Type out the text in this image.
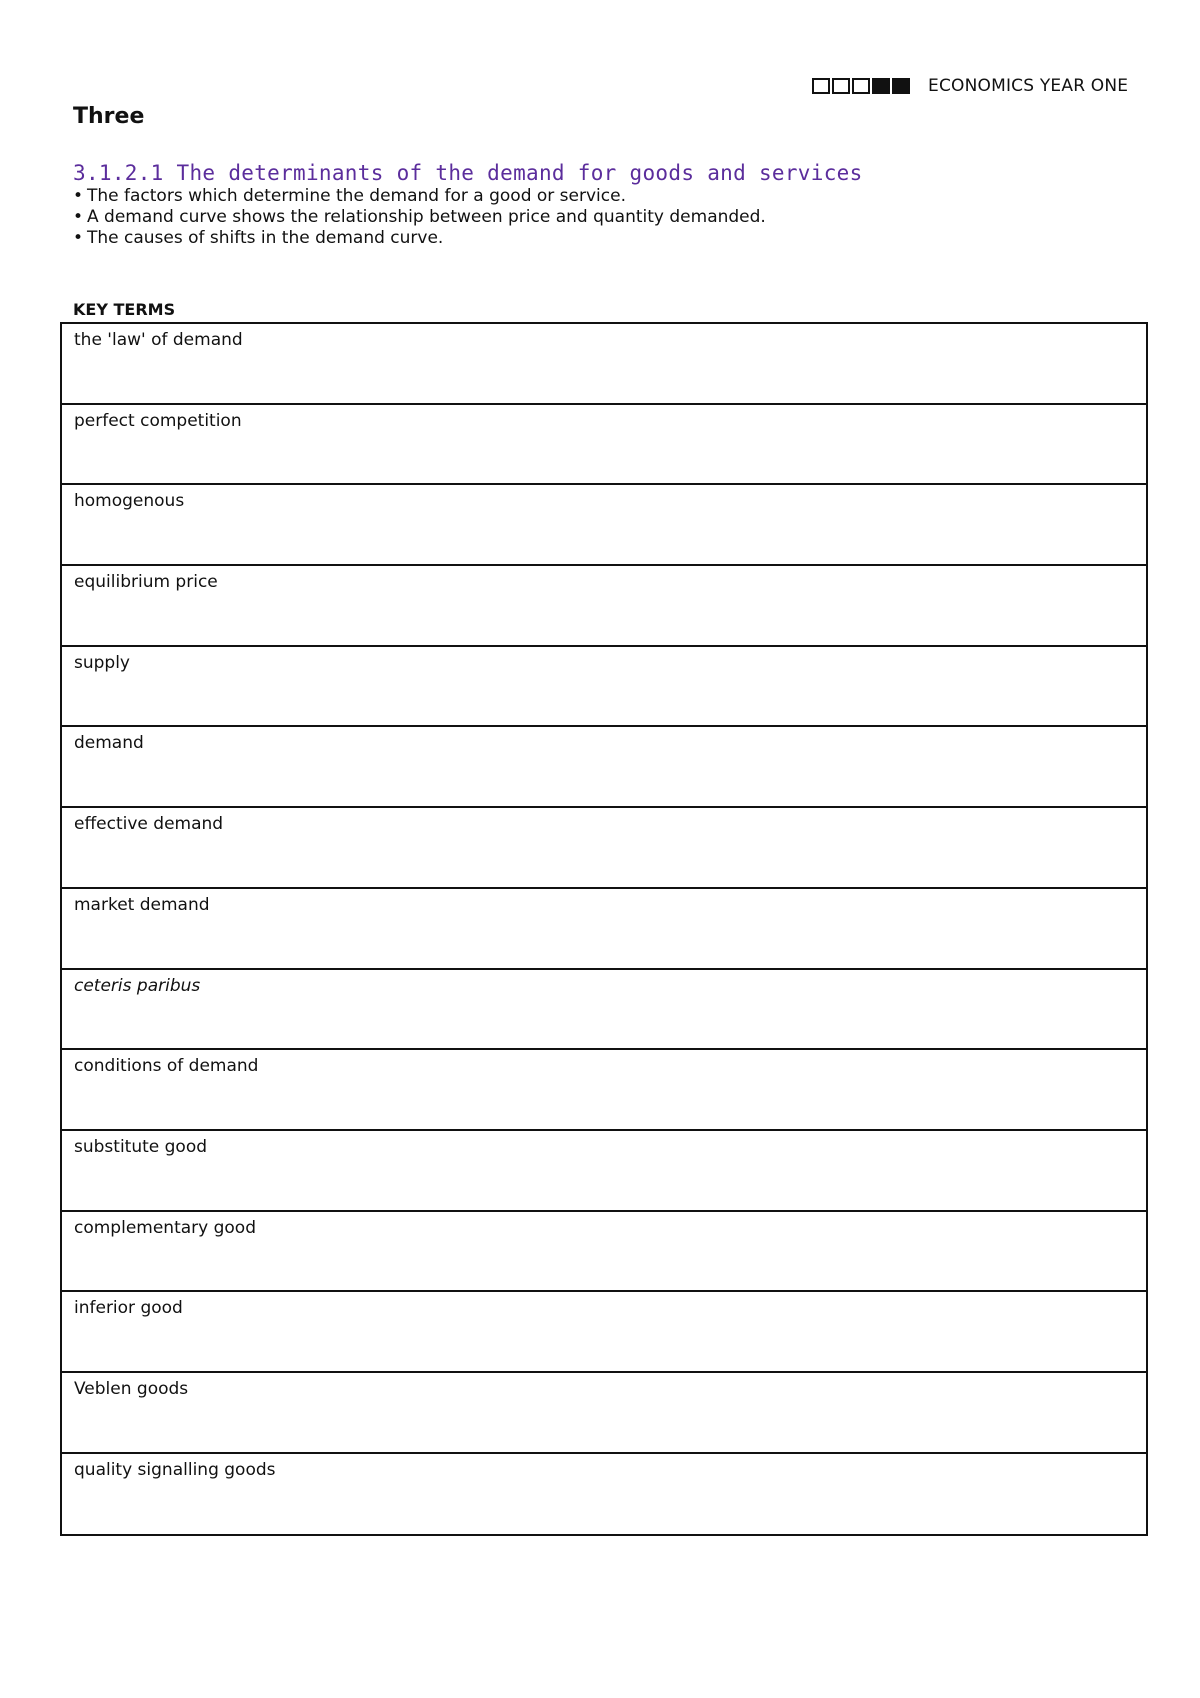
ECONOMICS YEAR ONE
Three
3.1.2.1 The determinants of the demand for goods and services
• The factors which determine the demand for a good or service.
• A demand curve shows the relationship between price and quantity demanded.
• The causes of shifts in the demand curve.
KEY TERMS
the 'law' of demand
perfect competition
homogenous
equilibrium price
supply
demand
effective demand
market demand
ceteris paribus
conditions of demand
substitute good
complementary good
inferior good
Veblen goods
quality signalling goods
